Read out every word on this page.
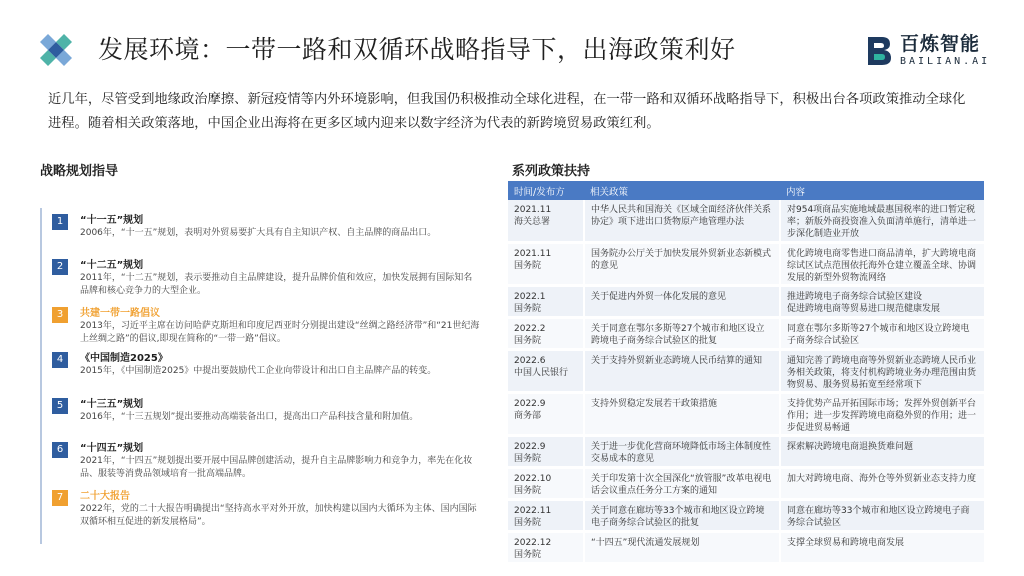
发展环境：一带一路和双循环战略指导下，出海政策利好	百炼智能
BAILIAN.AI

近几年，尽管受到地缘政治摩擦、新冠疫情等内外环境影响，但我国仍积极推动全球化进程，在一带一路和双循环战略指导下，积极出台各项政策推动全球化进程。随着相关政策落地，中国企业出海将在更多区域内迎来以数字经济为代表的新跨境贸易政策红利。

战略规划指导	系列政策扶持
1	“十一五”规划

2006年，“十一五”规划，表明对外贸易要扩大具有自主知识产权、自主品牌的商品出口。

2	“十二五”规划

2011年，“十二五”规划，表示要推动自主品牌建设，提升品牌价值和效应，加快发展拥有国际知名品牌和核心竞争力的大型企业。

3	共建一带一路倡议

2013年，习近平主席在访问哈萨克斯坦和印度尼西亚时分别提出建设“丝绸之路经济带”和“21世纪海上丝绸之路”的倡议,即现在简称的“一带一路”倡议。

4	《中国制造2025》

2015年，《中国制造2025》中提出要鼓励代工企业向带设计和出口自主品牌产品的转变。

5	“十三五”规划

2016年，“十三五规划”提出要推动高端装备出口，提高出口产品科技含量和附加值。

6	“十四五”规划

2021年，“十四五”规划提出要开展中国品牌创建活动，提升自主品牌影响力和竞争力，率先在化妆品、服装等消费品领域培育一批高端品牌。

7	二十大报告

2022年，党的二十大报告明确提出“坚持高水平对外开放，加快构建以国内大循环为主体、国内国际双循环相互促进的新发展格局”。

时间/发布方	相关政策	内容
2021.11
海关总署	中华人民共和国海关《区域全面经济伙伴关系协定》项下进出口货物原产地管理办法	对954项商品实施地域最惠国税率的进口暂定税率；新版外商投资准入负面清单施行，清单进一步深化制造业开放
2021.11
国务院	国务院办公厅关于加快发展外贸新业态新模式的意见	优化跨境电商零售进口商品清单，扩大跨境电商综试区试点范围依托海外仓建立覆盖全球、协调发展的新型外贸物流网络
2022.1
国务院	关于促进内外贸一体化发展的意见	推进跨境电子商务综合试验区建设
促进跨境电商等贸易进口规范健康发展
2022.2
国务院	关于同意在鄂尔多斯等27个城市和地区设立跨境电子商务综合试验区的批复	同意在鄂尔多斯等27个城市和地区设立跨境电子商务综合试验区
2022.6
中国人民银行	关于支持外贸新业态跨境人民币结算的通知	通知完善了跨境电商等外贸新业态跨境人民币业务相关政策，将支付机构跨境业务办理范围由货物贸易、服务贸易拓宽至经常项下
2022.9
商务部	支持外贸稳定发展若干政策措施	支持优势产品开拓国际市场；发挥外贸创新平台作用；进一步发挥跨境电商稳外贸的作用；进一步促进贸易畅通
2022.9
国务院	关于进一步优化营商环境降低市场主体制度性交易成本的意见	探索解决跨境电商退换货难问题
2022.10
国务院	关于印发第十次全国深化“放管服”改革电视电话会议重点任务分工方案的通知	加大对跨境电商、海外仓等外贸新业态支持力度
2022.11
国务院	关于同意在廊坊等33个城市和地区设立跨境电子商务综合试验区的批复	同意在廊坊等33个城市和地区设立跨境电子商务综合试验区
2022.12
国务院	“十四五”现代流通发展规划	支撑全球贸易和跨境电商发展
